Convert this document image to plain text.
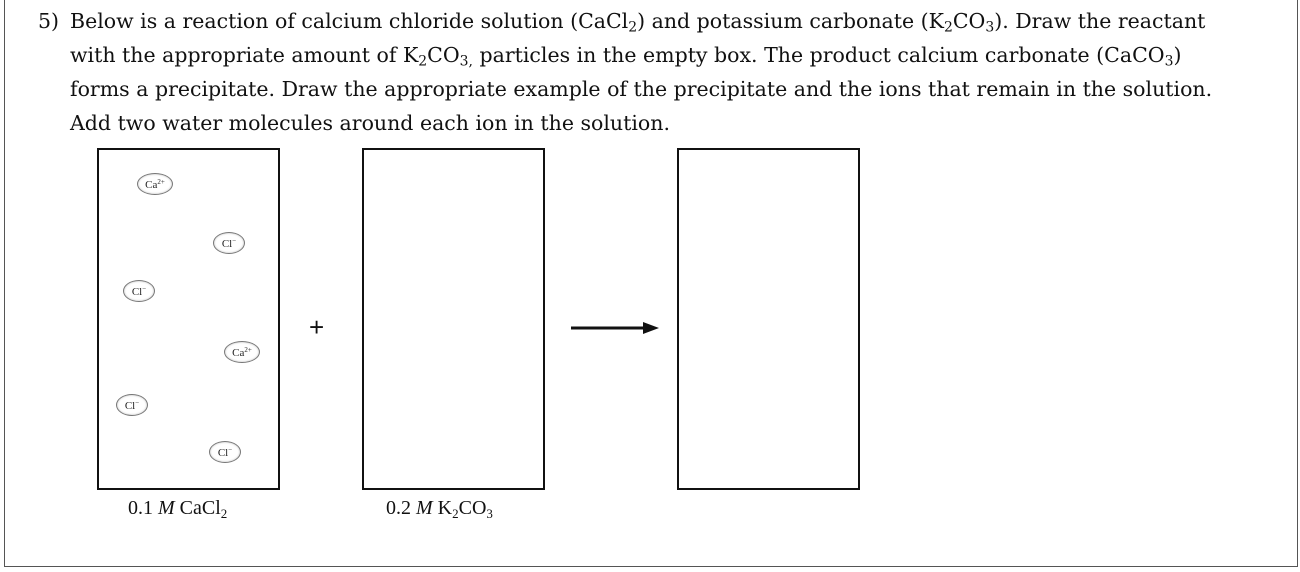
5) Below is a reaction of calcium chloride solution (CaCl$_2$) and potassium carbonate $(K_2CO_3)$. Draw the reactant
with the appropriate amount of $K_2CO_{3,}$ particles in the empty box. The product calcium carbonate (CaCO$_3$)
forms a precipitate. Draw the appropriate example of the precipitate and the ions that remain in the solution.
Add two water molecules around each ion in the solution.

$Ca^{2+}$
Cl−
Cl−
$Ca^{2+}$
Cl−
Cl−
0.1 M CaCl$_2$
+
0.2 M $K_2CO_3$
